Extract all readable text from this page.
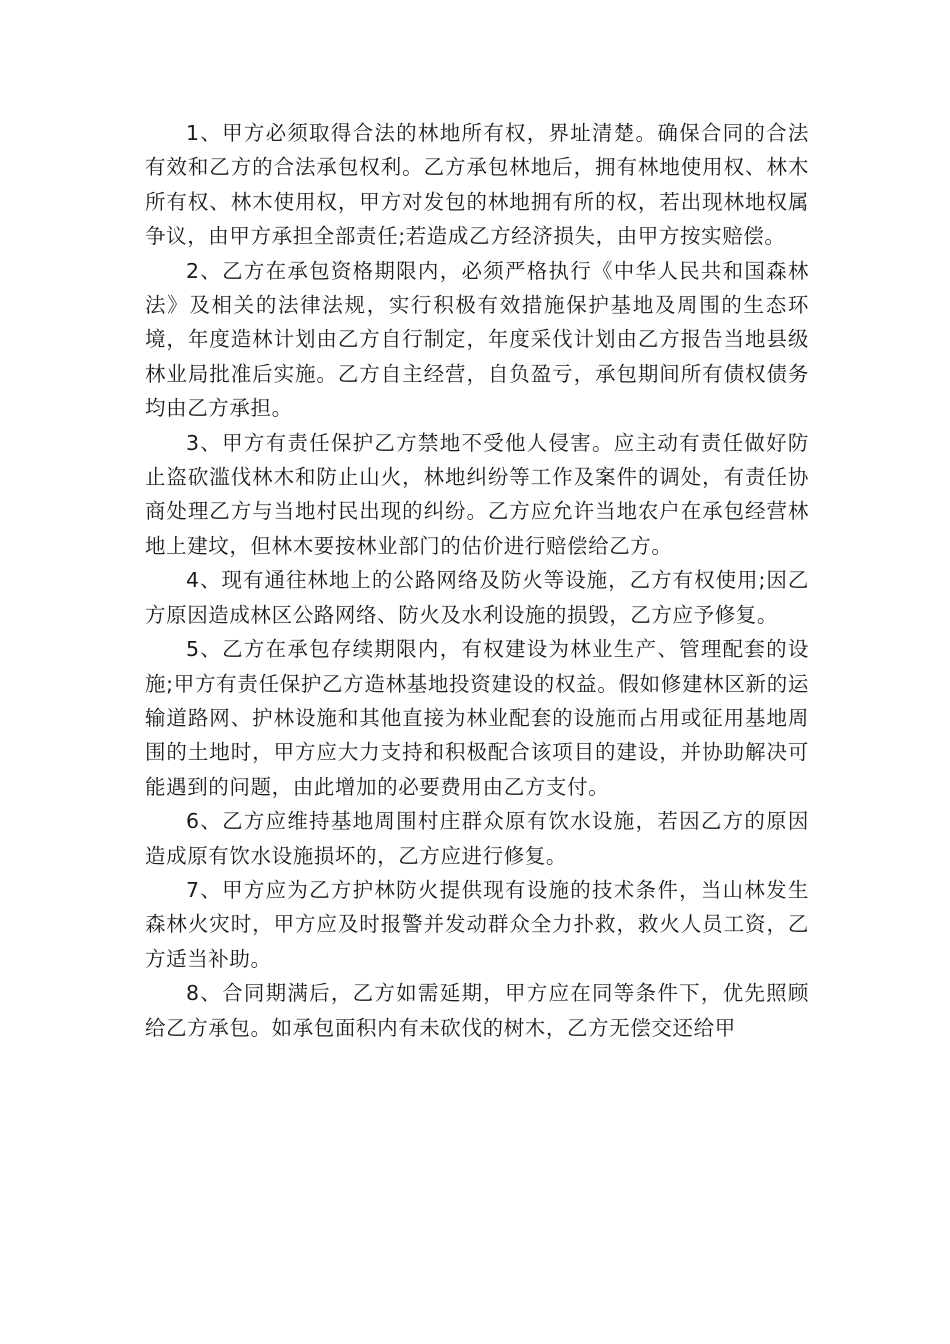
1、甲方必须取得合法的林地所有权，界址清楚。确保合同的合法有效和乙方的合法承包权利。乙方承包林地后，拥有林地使用权、林木所有权、林木使用权，甲方对发包的林地拥有所的权，若出现林地权属争议，由甲方承担全部责任;若造成乙方经济损失，由甲方按实赔偿。

2、乙方在承包资格期限内，必须严格执行《中华人民共和国森林法》及相关的法律法规，实行积极有效措施保护基地及周围的生态环境，年度造林计划由乙方自行制定，年度采伐计划由乙方报告当地县级林业局批准后实施。乙方自主经营，自负盈亏，承包期间所有债权债务均由乙方承担。

3、甲方有责任保护乙方禁地不受他人侵害。应主动有责任做好防止盗砍滥伐林木和防止山火，林地纠纷等工作及案件的调处，有责任协商处理乙方与当地村民出现的纠纷。乙方应允许当地农户在承包经营林地上建坟，但林木要按林业部门的估价进行赔偿给乙方。

4、现有通往林地上的公路网络及防火等设施，乙方有权使用;因乙方原因造成林区公路网络、防火及水利设施的损毁，乙方应予修复。

5、乙方在承包存续期限内，有权建设为林业生产、管理配套的设施;甲方有责任保护乙方造林基地投资建设的权益。假如修建林区新的运输道路网、护林设施和其他直接为林业配套的设施而占用或征用基地周围的土地时，甲方应大力支持和积极配合该项目的建设，并协助解决可能遇到的问题，由此增加的必要费用由乙方支付。

6、乙方应维持基地周围村庄群众原有饮水设施，若因乙方的原因造成原有饮水设施损坏的，乙方应进行修复。

7、甲方应为乙方护林防火提供现有设施的技术条件，当山林发生森林火灾时，甲方应及时报警并发动群众全力扑救，救火人员工资，乙方适当补助。

8、合同期满后，乙方如需延期，甲方应在同等条件下，优先照顾给乙方承包。如承包面积内有未砍伐的树木，乙方无偿交还给甲
